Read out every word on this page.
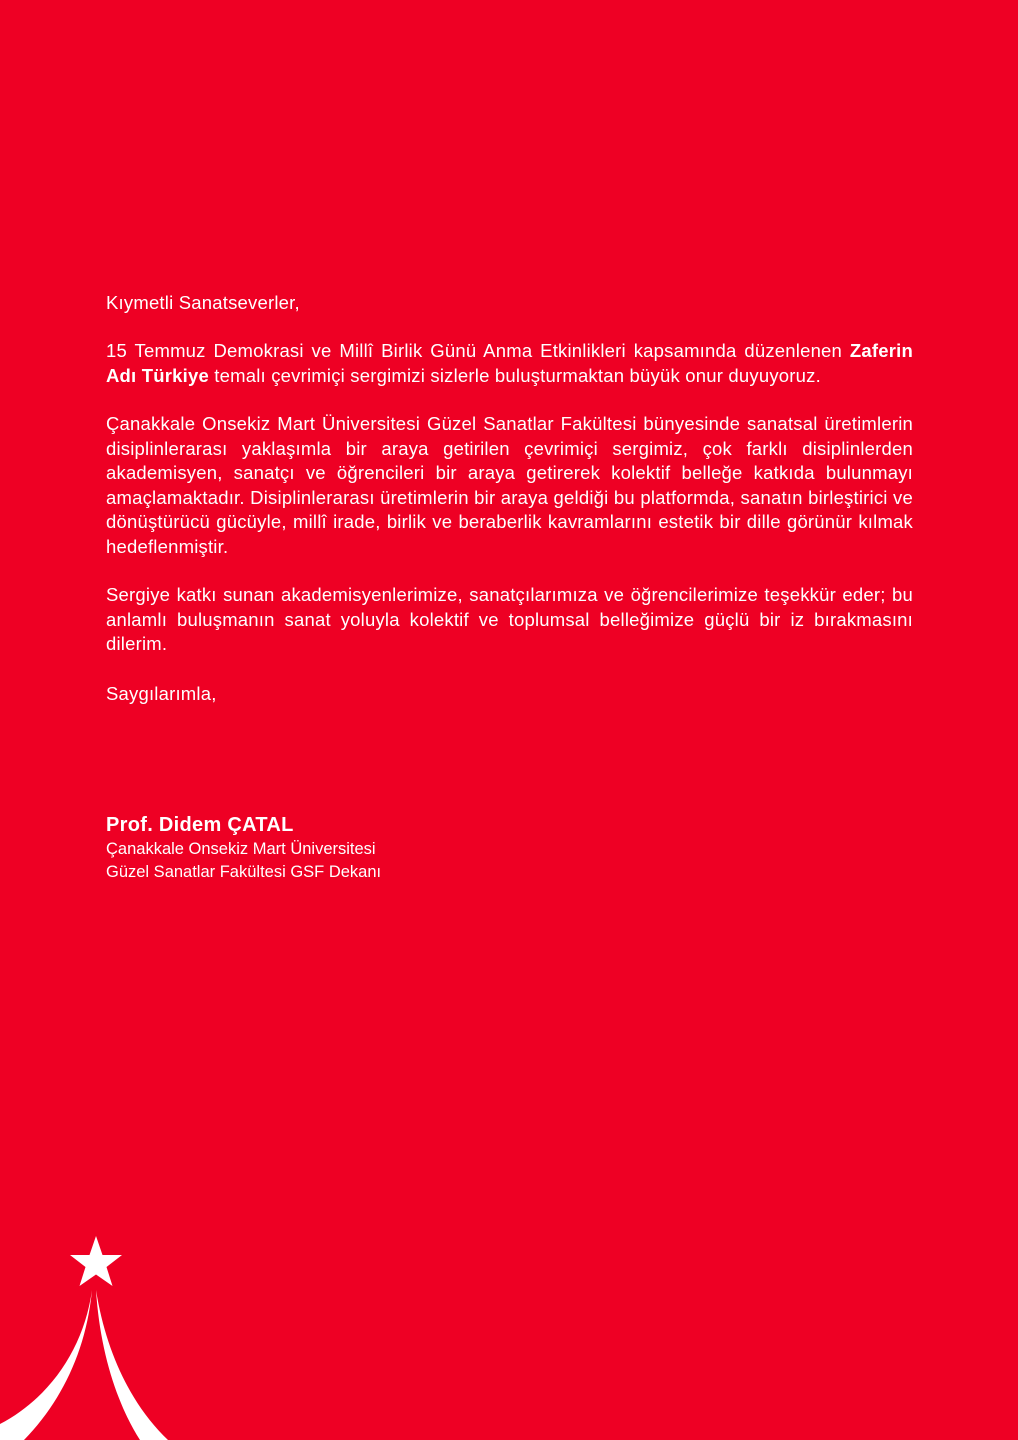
Kıymetli Sanatseverler,

15 Temmuz Demokrasi ve Millî Birlik Günü Anma Etkinlikleri kapsamında düzenlenen Zaferin Adı Türkiye temalı çevrimiçi sergimizi sizlerle buluşturmaktan büyük onur duyuyoruz.

Çanakkale Onsekiz Mart Üniversitesi Güzel Sanatlar Fakültesi bünyesinde sanatsal üretimlerin disiplinlerarası yaklaşımla bir araya getirilen çevrimiçi sergimiz, çok farklı disiplinlerden akademisyen, sanatçı ve öğrencileri bir araya getirerek kolektif belleğe katkıda bulunmayı amaçlamaktadır. Disiplinlerarası üretimlerin bir araya geldiği bu platformda, sanatın birleştirici ve dönüştürücü gücüyle, millî irade, birlik ve beraberlik kavramlarını estetik bir dille görünür kılmak hedeflenmiştir.

Sergiye katkı sunan akademisyenlerimize, sanatçılarımıza ve öğrencilerimize teşekkür eder; bu anlamlı buluşmanın sanat yoluyla kolektif ve toplumsal belleğimize güçlü bir iz bırakmasını dilerim.

Saygılarımla,

Prof. Didem ÇATAL
Çanakkale Onsekiz Mart Üniversitesi
Güzel Sanatlar Fakültesi GSF Dekanı
